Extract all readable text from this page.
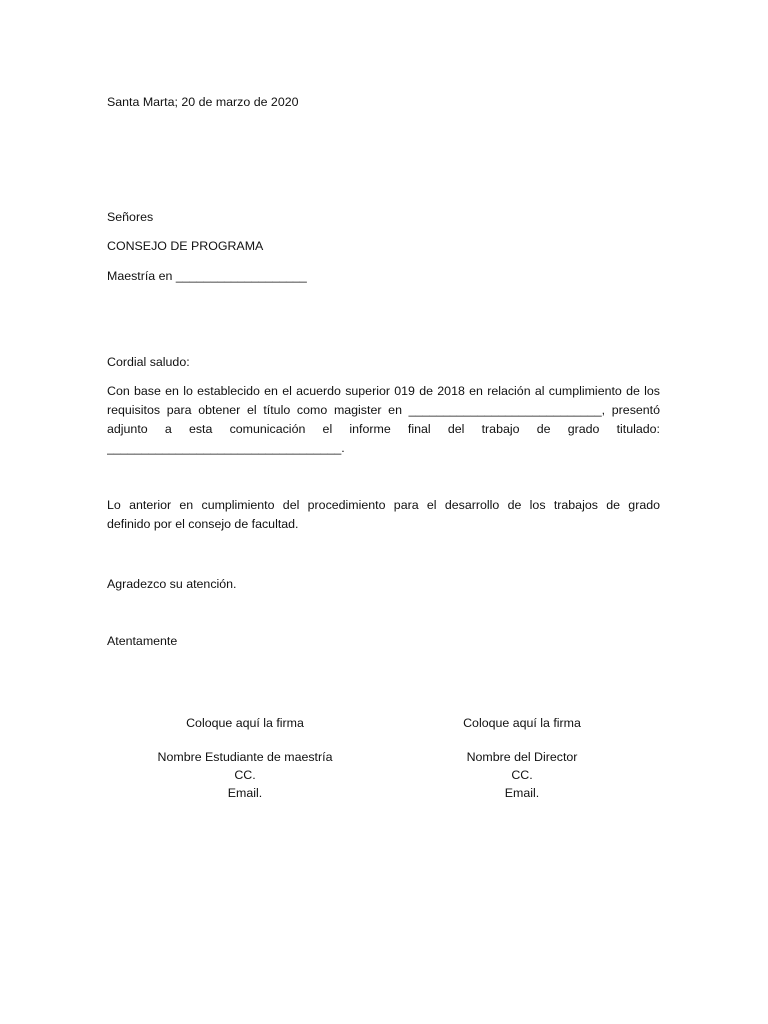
Santa Marta; 20 de marzo de 2020

Señores

CONSEJO DE PROGRAMA

Maestría en ___________________

Cordial saludo:

Con base en lo establecido en el acuerdo superior 019 de 2018 en relación al cumplimiento de los
requisitos para obtener el título como magister en ____________________________, presentó
adjunto a esta comunicación el informe final del trabajo de grado titulado:
__________________________________.
Lo anterior en cumplimiento del procedimiento para el desarrollo de los trabajos de grado
definido por el consejo de facultad.

Agradezco su atención.

Atentamente

Coloque aquí la firma
Nombre Estudiante de maestría
CC.
Email.
Coloque aquí la firma
Nombre del Director
CC.
Email.
